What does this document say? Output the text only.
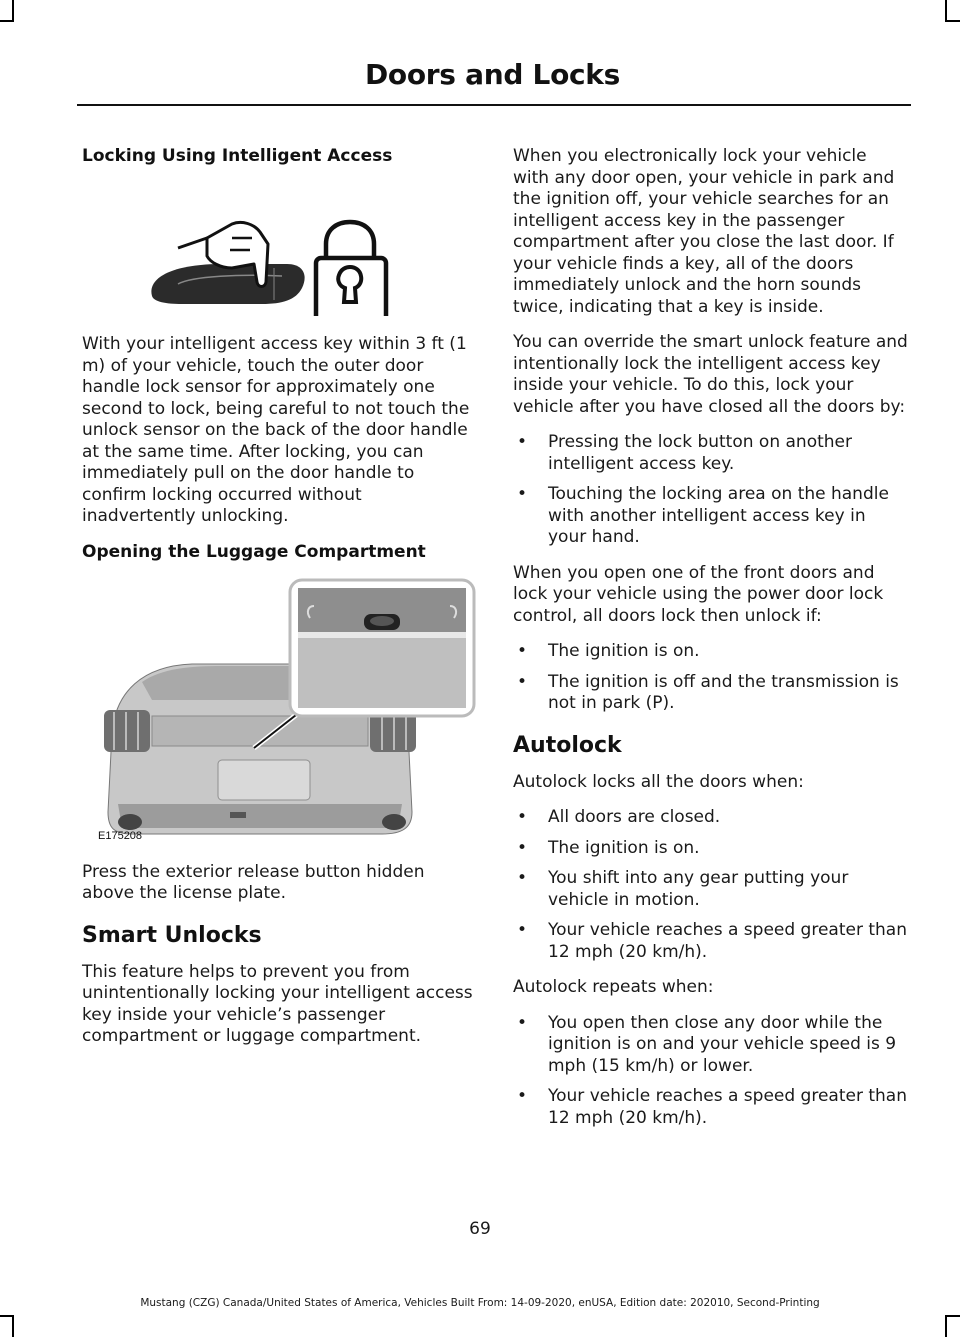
Doors and Locks
Locking Using Intelligent Access

With your intelligent access key within 3 ft (1 m) of your vehicle, touch the outer door handle lock sensor for approximately one second to lock, being careful to not touch the unlock sensor on the back of the door handle at the same time. After locking, you can immediately pull on the door handle to confirm locking occurred without inadvertently unlocking.

Opening the Luggage Compartment
E175208

Press the exterior release button hidden above the license plate.

Smart Unlocks

This feature helps to prevent you from unintentionally locking your intelligent access key inside your vehicle’s passenger compartment or luggage compartment.

When you electronically lock your vehicle with any door open, your vehicle in park and the ignition off, your vehicle searches for an intelligent access key in the passenger compartment after you close the last door. If your vehicle finds a key, all of the doors immediately unlock and the horn sounds twice, indicating that a key is inside.

You can override the smart unlock feature and intentionally lock the intelligent access key inside your vehicle. To do this, lock your vehicle after you have closed all the doors by:

• Pressing the lock button on another intelligent access key.
• Touching the locking area on the handle with another intelligent access key in your hand.

When you open one of the front doors and lock your vehicle using the power door lock control, all doors lock then unlock if:

• The ignition is on.
• The ignition is off and the transmission is not in park (P).
Autolock

Autolock locks all the doors when:

• All doors are closed.
• The ignition is on.
• You shift into any gear putting your vehicle in motion.
• Your vehicle reaches a speed greater than 12 mph (20 km/h).

Autolock repeats when:

• You open then close any door while the ignition is on and your vehicle speed is 9 mph (15 km/h) or lower.
• Your vehicle reaches a speed greater than 12 mph (20 km/h).
69
Mustang (CZG) Canada/United States of America, Vehicles Built From: 14-09-2020, enUSA, Edition date: 202010, Second-Printing
